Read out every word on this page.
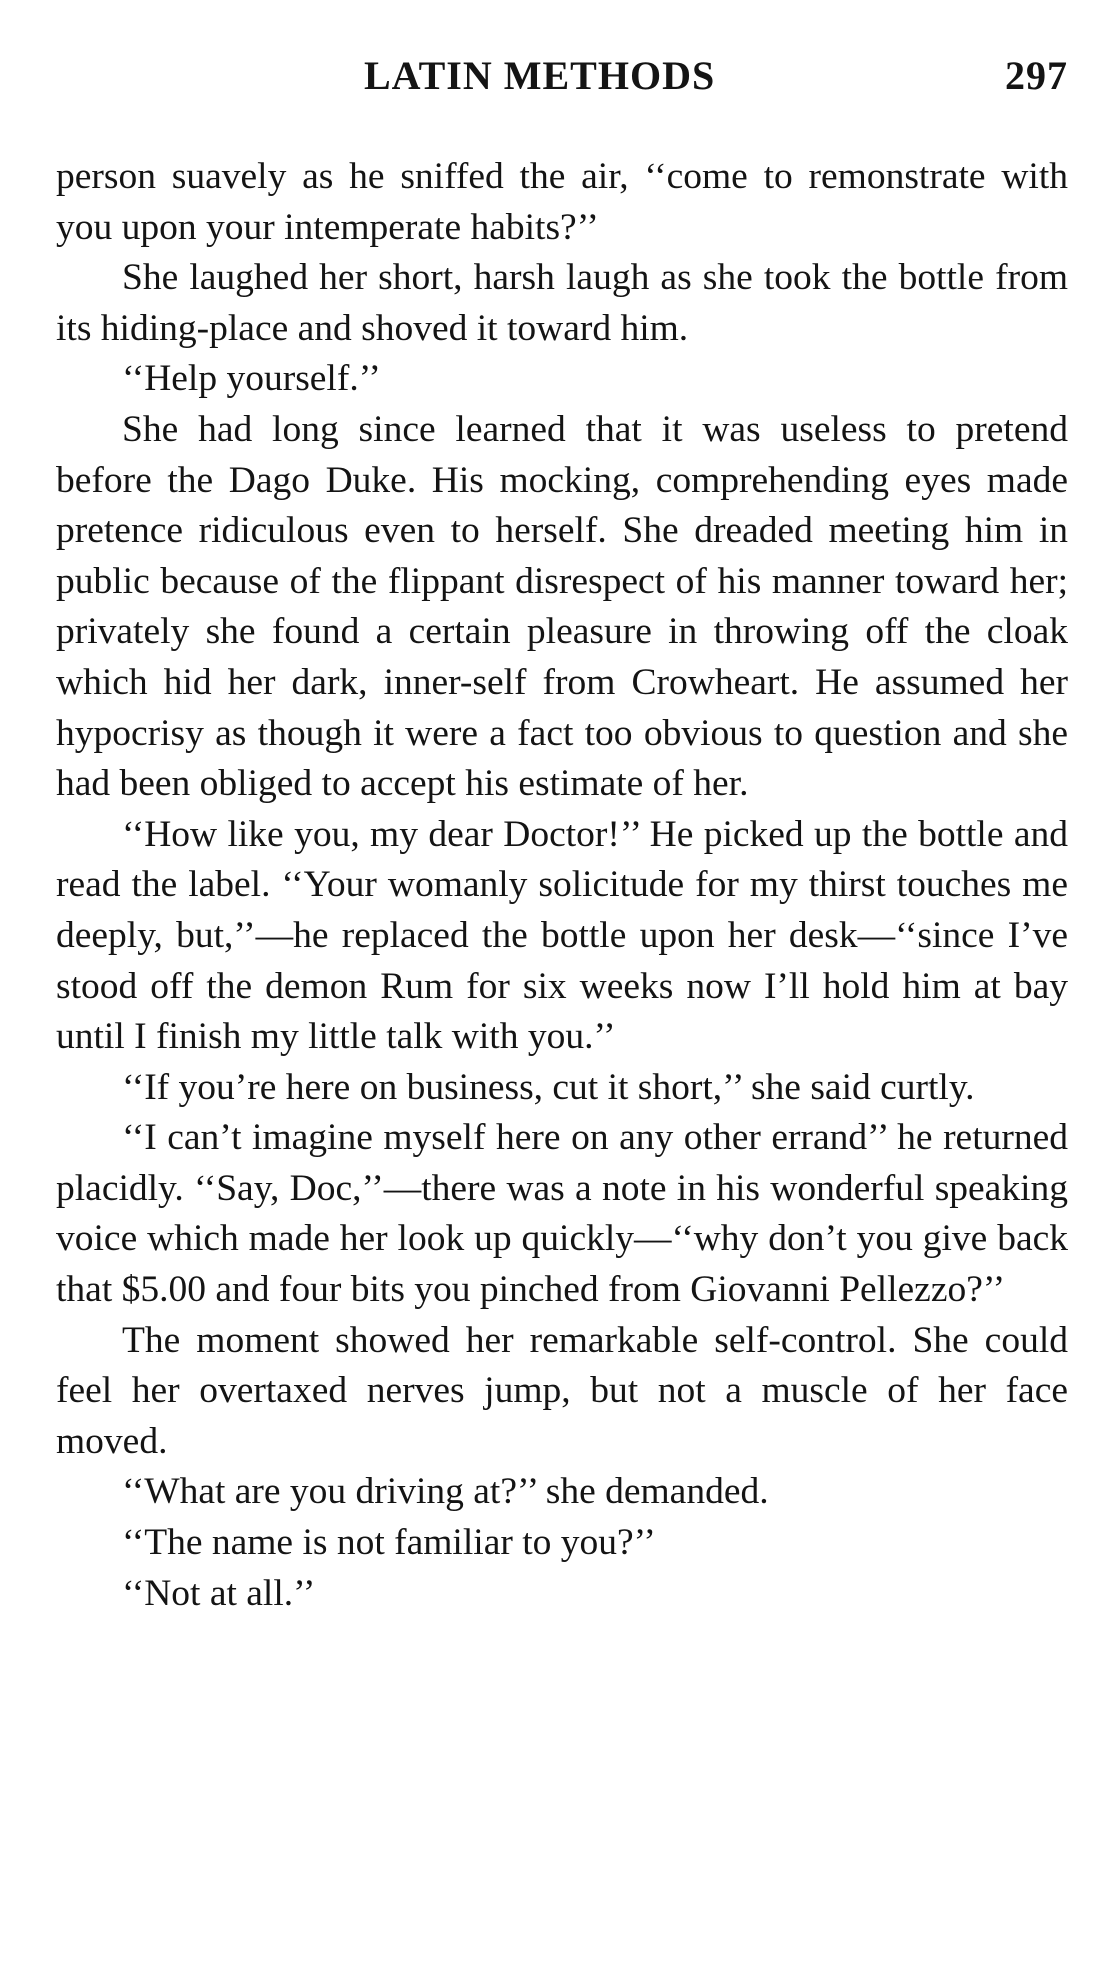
LATIN METHODS	297

person suavely as he sniffed the air, ‘‘come to remonstrate with you upon your intemperate habits?’’

She laughed her short, harsh laugh as she took the bottle from its hiding-place and shoved it toward him.

‘‘Help yourself.’’

She had long since learned that it was useless to pretend before the Dago Duke. His mocking, comprehending eyes made pretence ridiculous even to herself. She dreaded meeting him in public because of the flippant disrespect of his manner toward her; privately she found a certain pleasure in throwing off the cloak which hid her dark, inner-self from Crowheart. He assumed her hypocrisy as though it were a fact too obvious to question and she had been obliged to accept his estimate of her.

‘‘How like you, my dear Doctor!’’ He picked up the bottle and read the label. ‘‘Your womanly solicitude for my thirst touches me deeply, but,’’—he replaced the bottle upon her desk—‘‘since I’ve stood off the demon Rum for six weeks now I’ll hold him at bay until I finish my little talk with you.’’

‘‘If you’re here on business, cut it short,’’ she said curtly.

‘‘I can’t imagine myself here on any other errand’’ he returned placidly. ‘‘Say, Doc,’’—there was a note in his wonderful speaking voice which made her look up quickly—‘‘why don’t you give back that $5.00 and four bits you pinched from Giovanni Pellezzo?’’

The moment showed her remarkable self-control. She could feel her overtaxed nerves jump, but not a muscle of her face moved.

‘‘What are you driving at?’’ she demanded.

‘‘The name is not familiar to you?’’

‘‘Not at all.’’
